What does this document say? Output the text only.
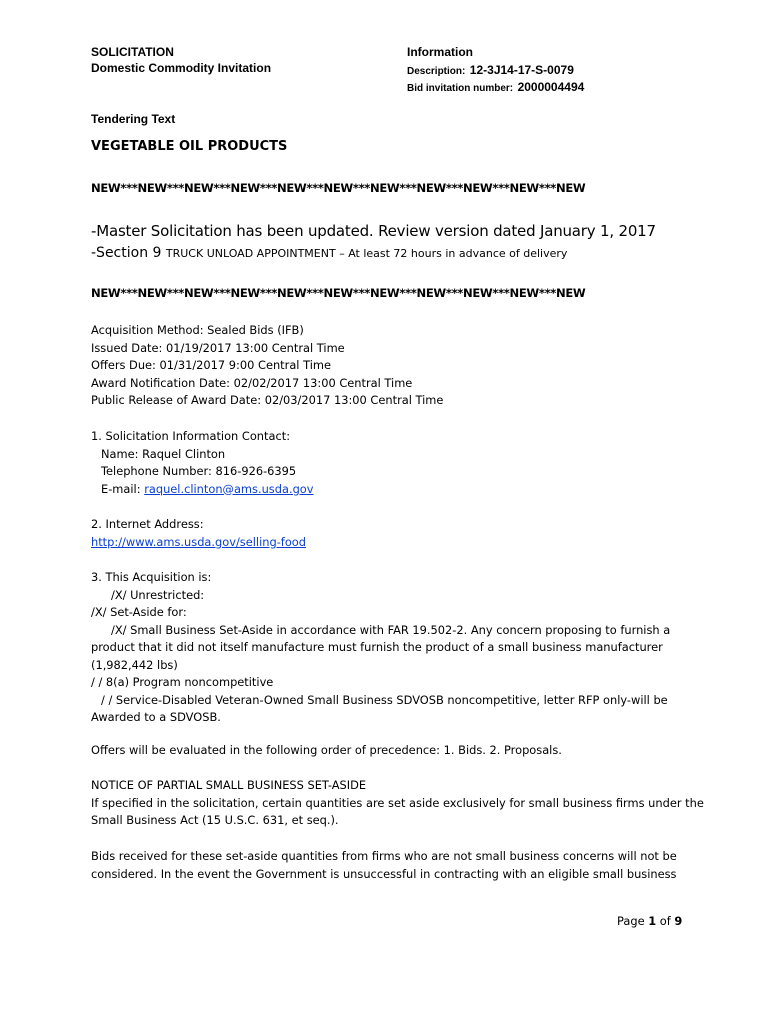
SOLICITATION
Domestic Commodity Invitation
Information
Description: 12-3J14-17-S-0079
Bid invitation number: 2000004494
Tendering Text
VEGETABLE OIL PRODUCTS
NEW***NEW***NEW***NEW***NEW***NEW***NEW***NEW***NEW***NEW***NEW
-Master Solicitation has been updated. Review version dated January 1, 2017
-Section 9 TRUCK UNLOAD APPOINTMENT – At least 72 hours in advance of delivery
NEW***NEW***NEW***NEW***NEW***NEW***NEW***NEW***NEW***NEW***NEW
Acquisition Method: Sealed Bids (IFB)
Issued Date: 01/19/2017 13:00 Central Time
Offers Due: 01/31/2017 9:00 Central Time
Award Notification Date: 02/02/2017 13:00 Central Time
Public Release of Award Date: 02/03/2017 13:00 Central Time
1. Solicitation Information Contact:
Name: Raquel Clinton
Telephone Number: 816-926-6395
E-mail: raquel.clinton@ams.usda.gov
2. Internet Address:
http://www.ams.usda.gov/selling-food
3. This Acquisition is:
/X/ Unrestricted:
/X/ Set-Aside for:
/X/ Small Business Set-Aside in accordance with FAR 19.502-2. Any concern proposing to furnish a
product that it did not itself manufacture must furnish the product of a small business manufacturer
(1,982,442 lbs)
/ / 8(a) Program noncompetitive
/ / Service-Disabled Veteran-Owned Small Business SDVOSB noncompetitive, letter RFP only-will be
Awarded to a SDVOSB.
Offers will be evaluated in the following order of precedence: 1. Bids. 2. Proposals.
NOTICE OF PARTIAL SMALL BUSINESS SET-ASIDE
If specified in the solicitation, certain quantities are set aside exclusively for small business firms under the
Small Business Act (15 U.S.C. 631, et seq.).
Bids received for these set-aside quantities from firms who are not small business concerns will not be
considered. In the event the Government is unsuccessful in contracting with an eligible small business
Page 1 of 9
